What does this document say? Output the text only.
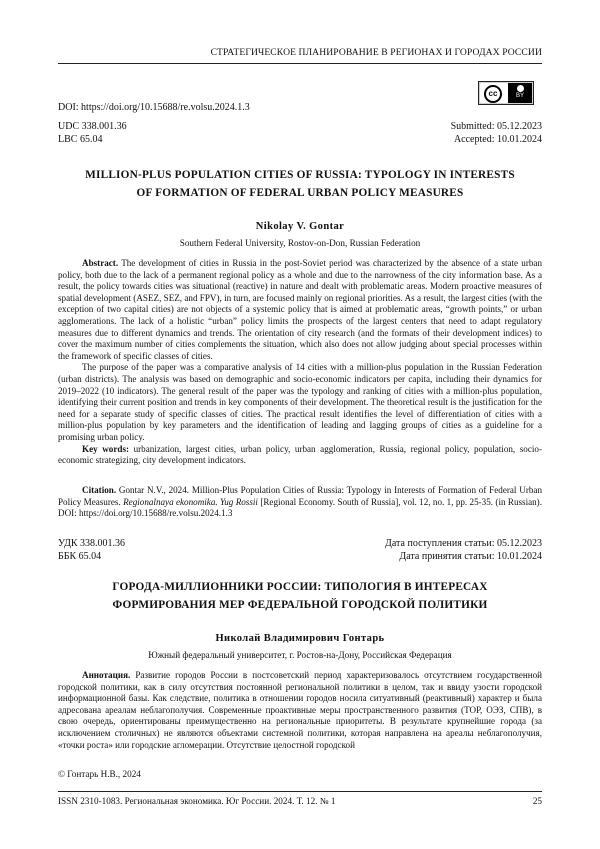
СТРАТЕГИЧЕСКОЕ ПЛАНИРОВАНИЕ В РЕГИОНАХ И ГОРОДАХ РОССИИ
DOI: https://doi.org/10.15688/re.volsu.2024.1.3
cc	BY
UDC 338.001.36
LBC 65.04
Submitted: 05.12.2023
Accepted: 10.01.2024
MILLION-PLUS POPULATION CITIES OF RUSSIA: TYPOLOGY IN INTERESTS
OF FORMATION OF FEDERAL URBAN POLICY MEASURES
Nikolay V. Gontar
Southern Federal University, Rostov-on-Don, Russian Federation

Abstract. The development of cities in Russia in the post-Soviet period was characterized by the absence of a state urban policy, both due to the lack of a permanent regional policy as a whole and due to the narrowness of the city information base. As a result, the policy towards cities was situational (reactive) in nature and dealt with problematic areas. Modern proactive measures of spatial development (ASEZ, SEZ, and FPV), in turn, are focused mainly on regional priorities. As a result, the largest cities (with the exception of two capital cities) are not objects of a systemic policy that is aimed at problematic areas, “growth points,” or urban agglomerations. The lack of a holistic “urban” policy limits the prospects of the largest centers that need to adapt regulatory measures due to different dynamics and trends. The orientation of city research (and the formats of their development indices) to cover the maximum number of cities complements the situation, which also does not allow judging about special processes within the framework of specific classes of cities.

The purpose of the paper was a comparative analysis of 14 cities with a million-plus population in the Russian Federation (urban districts). The analysis was based on demographic and socio-economic indicators per capita, including their dynamics for 2019–2022 (10 indicators). The general result of the paper was the typology and ranking of cities with a million-plus population, identifying their current position and trends in key components of their development. The theoretical result is the justification for the need for a separate study of specific classes of cities. The practical result identifies the level of differentiation of cities with a million-plus population by key parameters and the identification of leading and lagging groups of cities as a guideline for a promising urban policy.

Key words: urbanization, largest cities, urban policy, urban agglomeration, Russia, regional policy, population, socio-economic strategizing, city development indicators.

Citation. Gontar N.V., 2024. Million-Plus Population Cities of Russia: Typology in Interests of Formation of Federal Urban Policy Measures. Regionalnaya ekonomika. Yug Rossii [Regional Economy. South of Russia], vol. 12, no. 1, pp. 25-35. (in Russian). DOI: https://doi.org/10.15688/re.volsu.2024.1.3

УДК 338.001.36
ББК 65.04
Дата поступления статьи: 05.12.2023
Дата принятия статьи: 10.01.2024
ГОРОДА-МИЛЛИОННИКИ РОССИИ: ТИПОЛОГИЯ В ИНТЕРЕСАХ
ФОРМИРОВАНИЯ МЕР ФЕДЕРАЛЬНОЙ ГОРОДСКОЙ ПОЛИТИКИ
Николай Владимирович Гонтарь
Южный федеральный университет, г. Ростов-на-Дону, Российская Федерация

Аннотация. Развитие городов России в постсоветский период характеризовалось отсутствием государственной городской политики, как в силу отсутствия постоянной региональной политики в целом, так и ввиду узости городской информационной базы. Как следствие, политика в отношении городов носила ситуативный (реактивный) характер и была адресована ареалам неблагополучия. Современные проактивные меры пространственного развития (ТОР, ОЭЗ, СПВ), в свою очередь, ориентированы преимущественно на региональные приоритеты. В результате крупнейшие города (за исключением столичных) не являются объектами системной политики, которая направлена на ареалы неблагополучия, «точки роста» или городские агломерации. Отсутствие целостной городской

© Гонтарь Н.В., 2024
ISSN 2310-1083. Региональная экономика. Юг России. 2024. Т. 12. № 1	25
